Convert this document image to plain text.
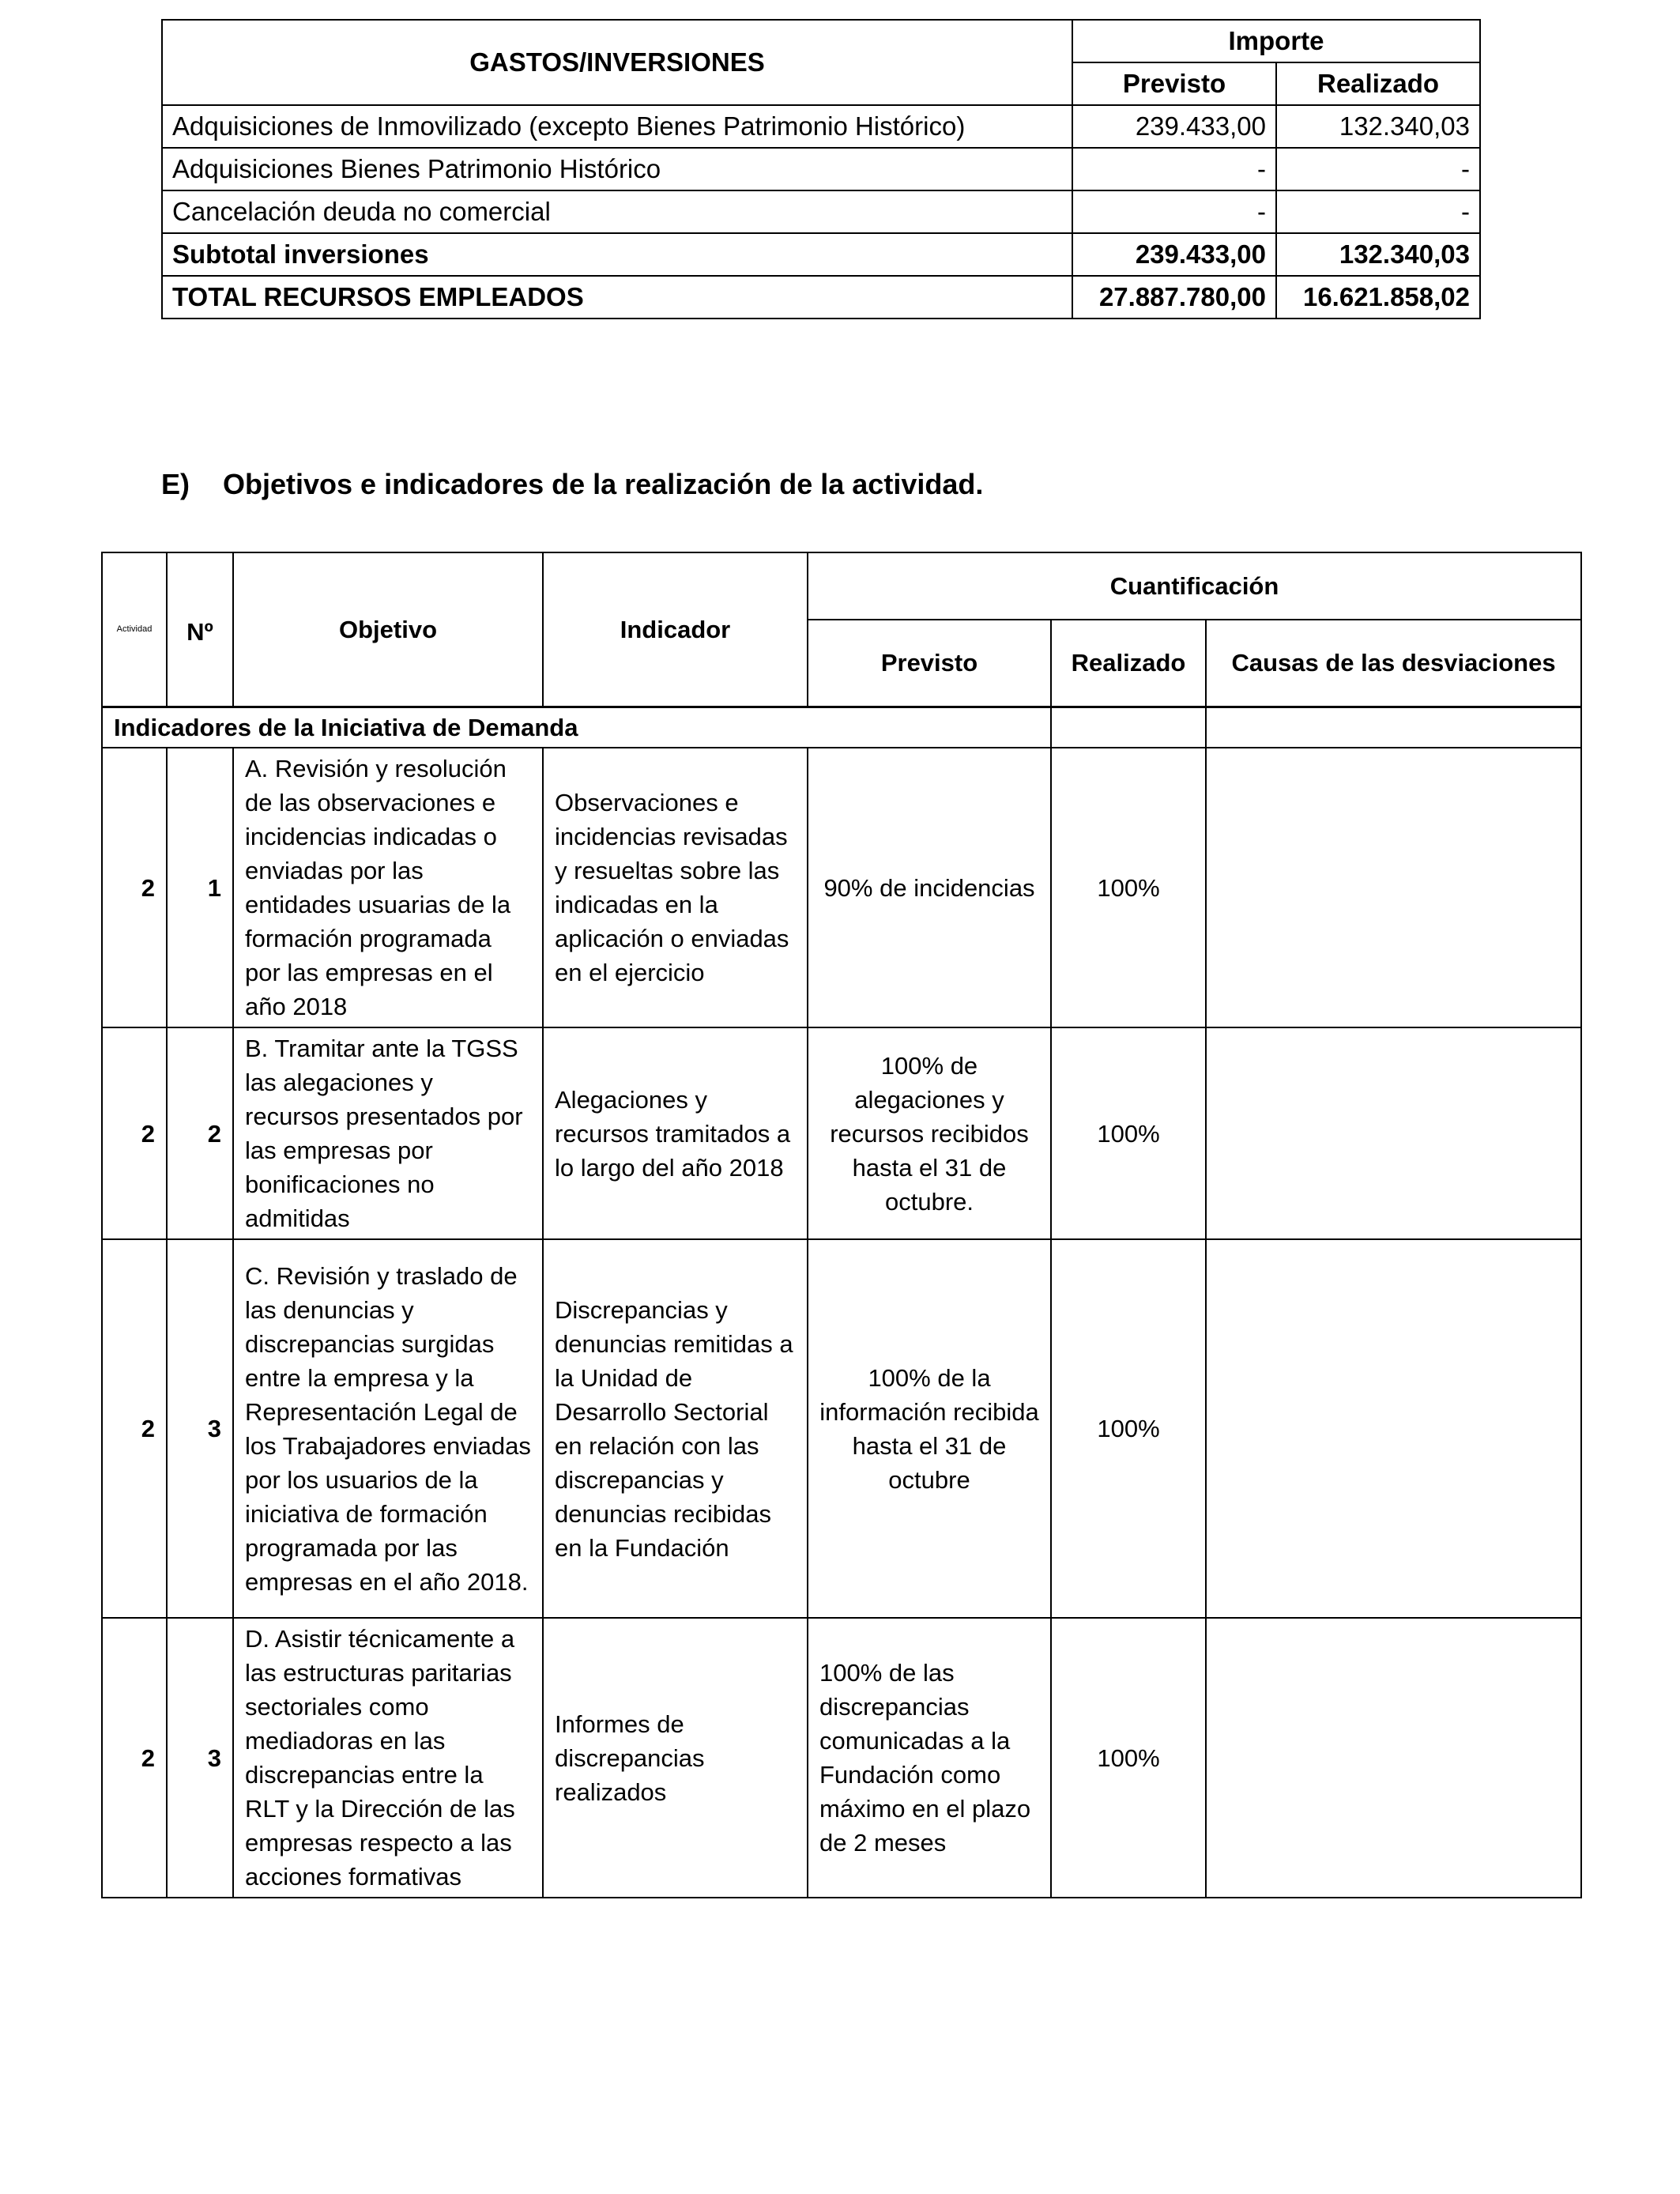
GASTOS/INVERSIONES	Importe	
	Previsto	Realizado
Adquisiciones de Inmovilizado (excepto Bienes Patrimonio Histórico)	239.433,00	132.340,03
Adquisiciones Bienes Patrimonio Histórico	-	-
Cancelación deuda no comercial	-	-
Subtotal inversiones	239.433,00	132.340,03
TOTAL RECURSOS EMPLEADOS	27.887.780,00	16.621.858,02
E) Objetivos e indicadores de la realización de la actividad.
Actividad	Nº	Objetivo	Indicador	Cuantificación		
				Previsto	Realizado	Causas de las desviaciones
Indicadores de la Iniciativa de Demanda						
2	1	A. Revisión y resolución de las observaciones e incidencias indicadas o enviadas por las entidades usuarias de la formación programada por las empresas en el año 2018	Observaciones e incidencias revisadas y resueltas sobre las indicadas en la aplicación o enviadas en el ejercicio	90% de incidencias	100%	
2	2	B. Tramitar ante la TGSS las alegaciones y recursos presentados por las empresas por bonificaciones no admitidas	Alegaciones y recursos tramitados a lo largo del año 2018	100% de alegaciones y recursos recibidos hasta el 31 de octubre.	100%	
2	3	C. Revisión y traslado de las denuncias y discrepancias surgidas entre la empresa y la Representación Legal de los Trabajadores enviadas por los usuarios de la iniciativa de formación programada por las empresas en el año 2018.	Discrepancias y denuncias remitidas a la Unidad de Desarrollo Sectorial en relación con las discrepancias y denuncias recibidas en la Fundación	100% de la información recibida hasta el 31 de octubre	100%	
2	3	D. Asistir técnicamente a las estructuras paritarias sectoriales como mediadoras en las discrepancias entre la RLT y la Dirección de las empresas respecto a las acciones formativas	Informes de discrepancias realizados	100% de las discrepancias comunicadas a la Fundación como máximo en el plazo de 2 meses	100%	
